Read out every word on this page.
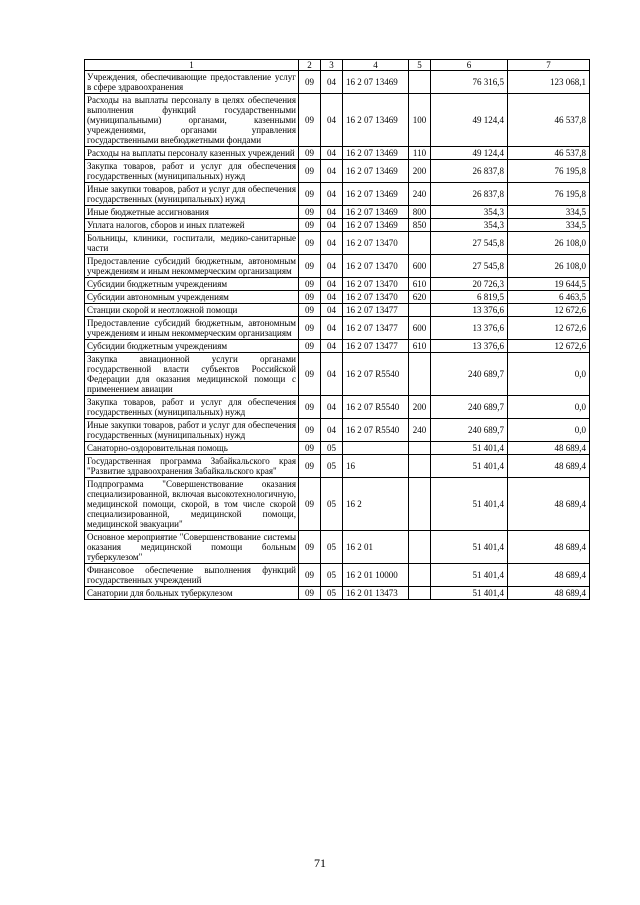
1	2	3	4	5	6	7
Учреждения, обеспечивающие предоставление услуг в сфере здравоохранения	09	04	16 2 07 13469		76 316,5	123 068,1
Расходы на выплаты персоналу в целях обеспечения выполнения функций государственными (муниципальными) органами, казенными учреждениями, органами управления государственными внебюджетными фондами	09	04	16 2 07 13469	100	49 124,4	46 537,8
Расходы на выплаты персоналу казенных учреждений	09	04	16 2 07 13469	110	49 124,4	46 537,8
Закупка товаров, работ и услуг для обеспечения государственных (муниципальных) нужд	09	04	16 2 07 13469	200	26 837,8	76 195,8
Иные закупки товаров, работ и услуг для обеспечения государственных (муниципальных) нужд	09	04	16 2 07 13469	240	26 837,8	76 195,8
Иные бюджетные ассигнования	09	04	16 2 07 13469	800	354,3	334,5
Уплата налогов, сборов и иных платежей	09	04	16 2 07 13469	850	354,3	334,5
Больницы, клиники, госпитали, медико-санитарные части	09	04	16 2 07 13470		27 545,8	26 108,0
Предоставление субсидий бюджетным, автономным учреждениям и иным некоммерческим организациям	09	04	16 2 07 13470	600	27 545,8	26 108,0
Субсидии бюджетным учреждениям	09	04	16 2 07 13470	610	20 726,3	19 644,5
Субсидии автономным учреждениям	09	04	16 2 07 13470	620	6 819,5	6 463,5
Станции скорой и неотложной помощи	09	04	16 2 07 13477		13 376,6	12 672,6
Предоставление субсидий бюджетным, автономным учреждениям и иным некоммерческим организациям	09	04	16 2 07 13477	600	13 376,6	12 672,6
Субсидии бюджетным учреждениям	09	04	16 2 07 13477	610	13 376,6	12 672,6
Закупка авиационной услуги органами государственной власти субъектов Российской Федерации для оказания медицинской помощи с применением авиации	09	04	16 2 07 R5540		240 689,7	0,0
Закупка товаров, работ и услуг для обеспечения государственных (муниципальных) нужд	09	04	16 2 07 R5540	200	240 689,7	0,0
Иные закупки товаров, работ и услуг для обеспечения государственных (муниципальных) нужд	09	04	16 2 07 R5540	240	240 689,7	0,0
Санаторно-оздоровительная помощь	09	05			51 401,4	48 689,4
Государственная программа Забайкальского края "Развитие здравоохранения Забайкальского края"	09	05	16		51 401,4	48 689,4
Подпрограмма "Совершенствование оказания специализированной, включая высокотехнологичную, медицинской помощи, скорой, в том числе скорой специализированной, медицинской помощи, медицинской эвакуации"	09	05	16 2		51 401,4	48 689,4
Основное мероприятие "Совершенствование системы оказания медицинской помощи больным туберкулезом"	09	05	16 2 01		51 401,4	48 689,4
Финансовое обеспечение выполнения функций государственных учреждений	09	05	16 2 01 10000		51 401,4	48 689,4
Санатории для больных туберкулезом	09	05	16 2 01 13473		51 401,4	48 689,4
71
